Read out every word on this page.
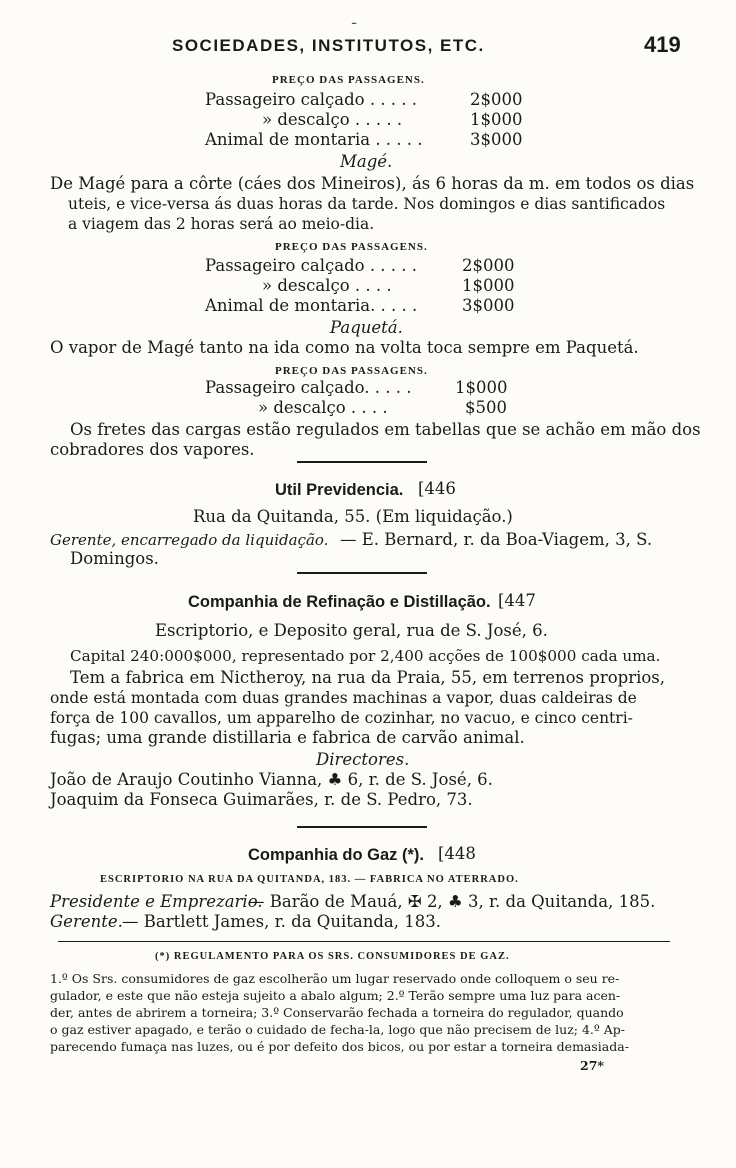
ـ
SOCIEDADES, INSTITUTOS, ETC.	419
PREÇO DAS PASSAGENS.
Passageiro calçado . . . . .	2$000
» descalço . . . . .	1$000
Animal de montaria . . . . .	3$000
Magé.
De Magé para a côrte (cáes dos Mineiros), ás 6 horas da m. em todos os dias
uteis, e vice-versa ás duas horas da tarde. Nos domingos e dias santificados
a viagem das 2 horas será ao meio-dia.
PREÇO DAS PASSAGENS.
Passageiro calçado . . . . .	2$000
» descalço . . . .	1$000
Animal de montaria. . . . .	3$000
Paquetá.
O vapor de Magé tanto na ida como na volta toca sempre em Paquetá.
PREÇO DAS PASSAGENS.
Passageiro calçado. . . . .	1$000
» descalço . . . .	$500
Os fretes das cargas estão regulados em tabellas que se achão em mão dos
cobradores dos vapores.
Util Previdencia. [446
Rua da Quitanda, 55. (Em liquidação.)
Gerente, encarregado da liquidação. — E. Bernard, r. da Boa-Viagem, 3, S.
Domingos.
Companhia de Refinação e Distillação. [447
Escriptorio, e Deposito geral, rua de S. José, 6.
Capital 240:000$000, representado por 2,400 acções de 100$000 cada uma.
Tem a fabrica em Nictheroy, na rua da Praia, 55, em terrenos proprios,
onde está montada com duas grandes machinas a vapor, duas caldeiras de
força de 100 cavallos, um apparelho de cozinhar, no vacuo, e cinco centri-
fugas; uma grande distillaria e fabrica de carvão animal.
Directores.
João de Araujo Coutinho Vianna, ♣ 6, r. de S. José, 6.
Joaquim da Fonseca Guimarães, r. de S. Pedro, 73.
Companhia do Gaz (*). [448
ESCRIPTORIO NA RUA DA QUITANDA, 183. — FABRICA NO ATERRADO.
Presidente e Emprezario.
— Barão de Mauá, ✠ 2, ♣ 3, r. da Quitanda, 185.
Gerente. — Bartlett James, r. da Quitanda, 183.
(*) REGULAMENTO PARA OS SRS. CONSUMIDORES DE GAZ.
1.º Os Srs. consumidores de gaz escolherão um lugar reservado onde colloquem o seu re-
gulador, e este que não esteja sujeito a abalo algum; 2.º Terão sempre uma luz para acen-
der, antes de abrirem a torneira; 3.º Conservarão fechada a torneira do regulador, quando
o gaz estiver apagado, e terão o cuidado de fecha-la, logo que não precisem de luz; 4.º Ap-
parecendo fumaça nas luzes, ou é por defeito dos bicos, ou por estar a torneira demasiada-
27*
